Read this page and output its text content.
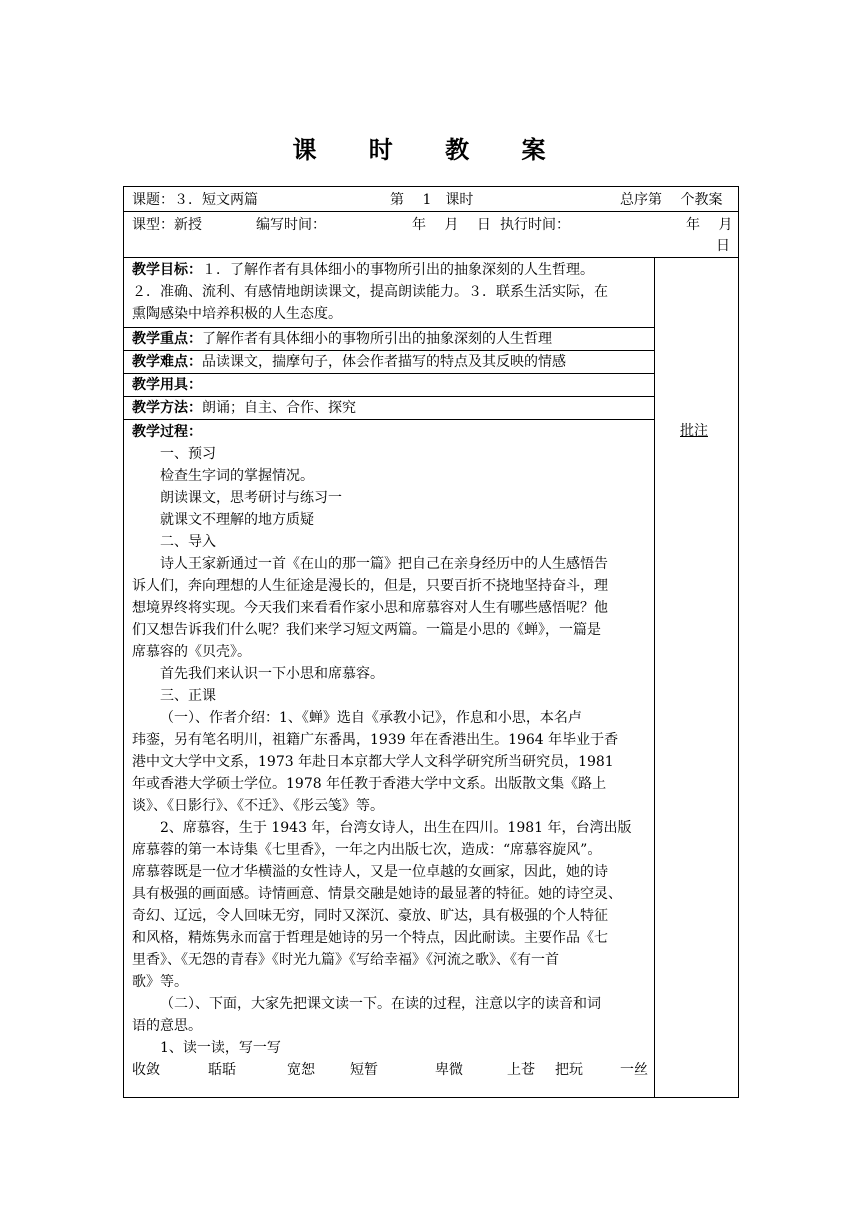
课 时 教 案
课题：３．短文两篇	第　 1　课时	总序第　 个教案
课型：新授	编写时间：	年　 月　 日 执行时间：	年　 月
日
教学目标：１．了解作者有具体细小的事物所引出的抽象深刻的人生哲理。
２．准确、流利、有感情地朗读课文，提高朗读能力。３．联系生活实际，在
熏陶感染中培养积极的人生态度。
教学重点：了解作者有具体细小的事物所引出的抽象深刻的人生哲理
教学难点：品读课文，揣摩句子，体会作者描写的特点及其反映的情感
教学用具：
教学方法：朗诵；自主、合作、探究
批注
教学过程：
一、预习
检查生字词的掌握情况。
朗读课文，思考研讨与练习一
就课文不理解的地方质疑
二、导入
诗人王家新通过一首《在山的那一篇》把自己在亲身经历中的人生感悟告
诉人们，奔向理想的人生征途是漫长的，但是，只要百折不挠地坚持奋斗，理
想境界终将实现。今天我们来看看作家小思和席慕容对人生有哪些感悟呢？他
们又想告诉我们什么呢？我们来学习短文两篇。一篇是小思的《蝉》，一篇是
席慕容的《贝壳》。
首先我们来认识一下小思和席慕容。
三、正课
（一）、作者介绍：1、《蝉》选自《承教小记》，作息和小思，本名卢
玮銮，另有笔名明川，祖籍广东番禺，1939 年在香港出生。1964 年毕业于香
港中文大学中文系，1973 年赴日本京都大学人文科学研究所当研究员，1981
年或香港大学硕士学位。1978 年任教于香港大学中文系。出版散文集《路上
谈》、《日影行》、《不迁》、《彤云笺》等。
2、席慕容，生于 1943 年，台湾女诗人，出生在四川。1981 年，台湾出版
席慕蓉的第一本诗集《七里香》，一年之内出版七次，造成：“席慕容旋风”。
席慕蓉既是一位才华横溢的女性诗人，又是一位卓越的女画家，因此，她的诗
具有极强的画面感。诗情画意、情景交融是她诗的最显著的特征。她的诗空灵、
奇幻、辽远，令人回味无穷，同时又深沉、豪放、旷达，具有极强的个人特征
和风格，精炼隽永而富于哲理是她诗的另一个特点，因此耐读。主要作品《七
里香》、《无怨的青春》《时光九篇》《写给幸福》《河流之歌》、《有一首
歌》等。
（二）、下面，大家先把课文读一下。在读的过程，注意以字的读音和词
语的意思。
1、读一读，写一写
收敛	聒聒	宽恕	短暂	卑微	上苍 把玩	一丝
